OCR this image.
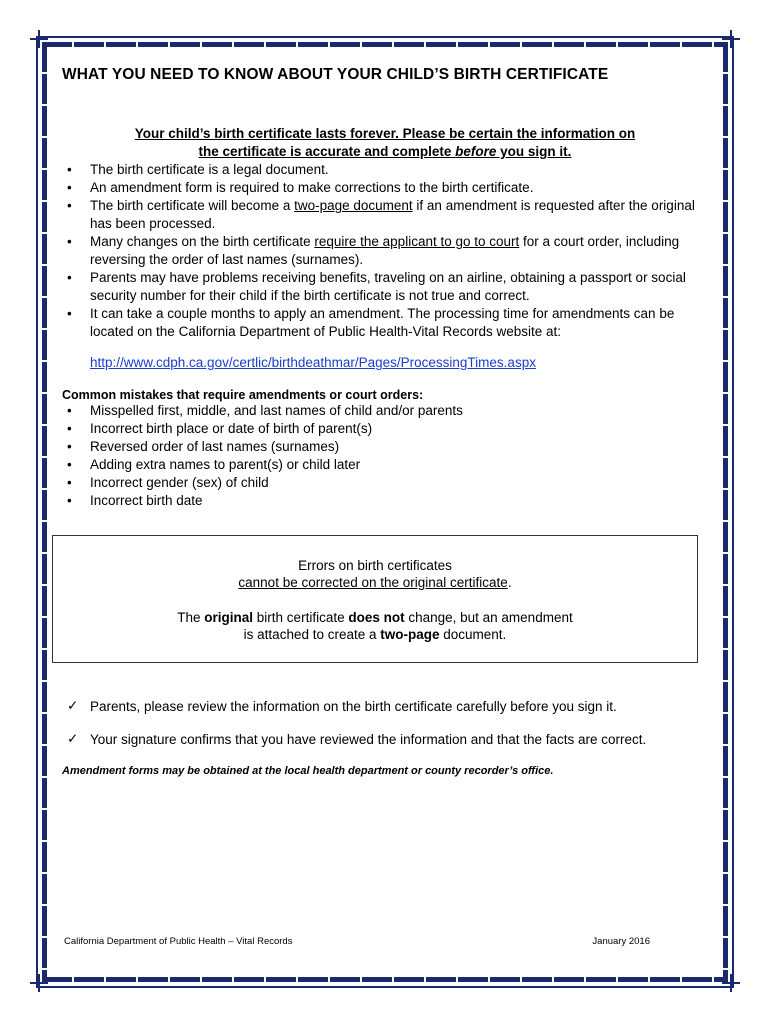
WHAT YOU NEED TO KNOW ABOUT YOUR CHILD’S BIRTH CERTIFICATE
Your child’s birth certificate lasts forever. Please be certain the information on
the certificate is accurate and complete before you sign it.
• The birth certificate is a legal document.
• An amendment form is required to make corrections to the birth certificate.
• The birth certificate will become a two-page document if an amendment is requested after the original has been processed.
• Many changes on the birth certificate require the applicant to go to court for a court order, including reversing the order of last names (surnames).
• Parents may have problems receiving benefits, traveling on an airline, obtaining a passport or social security number for their child if the birth certificate is not true and correct.
• It can take a couple months to apply an amendment. The processing time for amendments can be located on the California Department of Public Health-Vital Records website at:
http://www.cdph.ca.gov/certlic/birthdeathmar/Pages/ProcessingTimes.aspx
Common mistakes that require amendments or court orders:
• Misspelled first, middle, and last names of child and/or parents
• Incorrect birth place or date of birth of parent(s)
• Reversed order of last names (surnames)
• Adding extra names to parent(s) or child later
• Incorrect gender (sex) of child
• Incorrect birth date

Errors on birth certificates

cannot be corrected on the original certificate.

The original birth certificate does not change, but an amendment

is attached to create a two-page document.

✓ Parents, please review the information on the birth certificate carefully before you sign it.
✓ Your signature confirms that you have reviewed the information and that the facts are correct.
Amendment forms may be obtained at the local health department or county recorder’s office.
California Department of Public Health – Vital Records	January 2016
